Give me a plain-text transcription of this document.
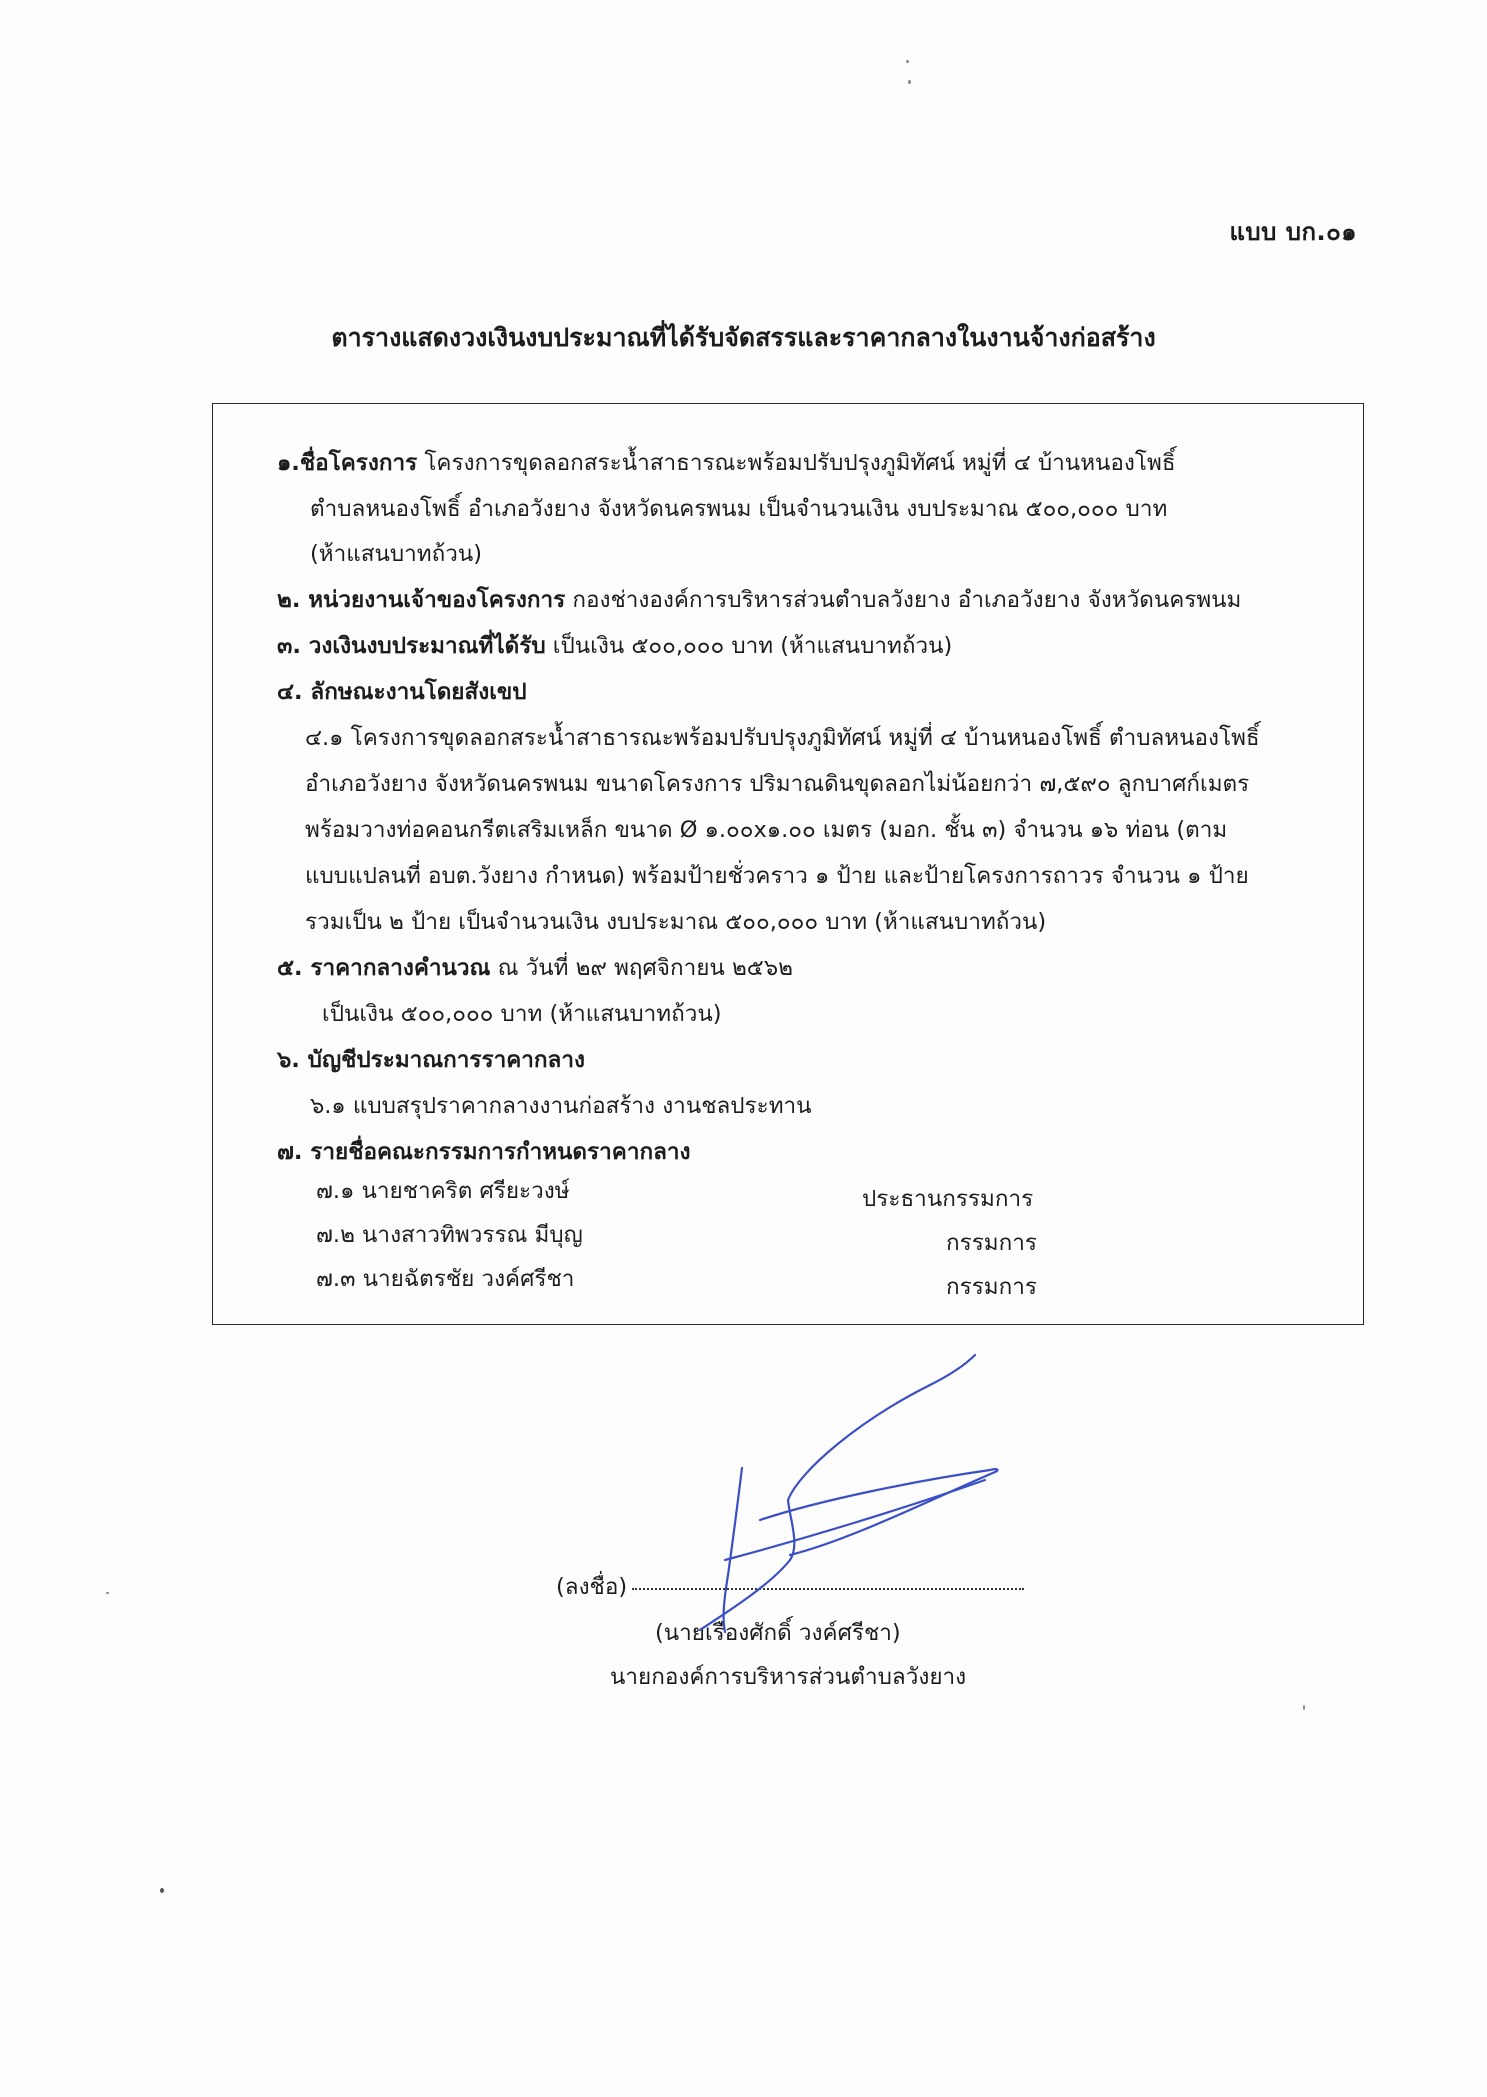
แบบ บก.๐๑
ตารางแสดงวงเงินงบประมาณที่ได้รับจัดสรรและราคากลางในงานจ้างก่อสร้าง
๑.ชื่อโครงการ โครงการขุดลอกสระน้ำสาธารณะพร้อมปรับปรุงภูมิทัศน์ หมู่ที่ ๔ บ้านหนองโพธิ์
ตำบลหนองโพธิ์ อำเภอวังยาง จังหวัดนครพนม เป็นจำนวนเงิน งบประมาณ ๕๐๐,๐๐๐ บาท
(ห้าแสนบาทถ้วน)
๒. หน่วยงานเจ้าของโครงการ กองช่างองค์การบริหารส่วนตำบลวังยาง อำเภอวังยาง จังหวัดนครพนม
๓. วงเงินงบประมาณที่ได้รับ เป็นเงิน ๕๐๐,๐๐๐ บาท (ห้าแสนบาทถ้วน)
๔. ลักษณะงานโดยสังเขป
๔.๑ โครงการขุดลอกสระน้ำสาธารณะพร้อมปรับปรุงภูมิทัศน์ หมู่ที่ ๔ บ้านหนองโพธิ์ ตำบลหนองโพธิ์
อำเภอวังยาง จังหวัดนครพนม ขนาดโครงการ ปริมาณดินขุดลอกไม่น้อยกว่า ๗,๕๙๐ ลูกบาศก์เมตร
พร้อมวางท่อคอนกรีตเสริมเหล็ก ขนาด Ø ๑.๐๐x๑.๐๐ เมตร (มอก. ชั้น ๓) จำนวน ๑๖ ท่อน (ตาม
แบบแปลนที่ อบต.วังยาง กำหนด) พร้อมป้ายชั่วคราว ๑ ป้าย และป้ายโครงการถาวร จำนวน ๑ ป้าย
รวมเป็น ๒ ป้าย เป็นจำนวนเงิน งบประมาณ ๕๐๐,๐๐๐ บาท (ห้าแสนบาทถ้วน)
๕. ราคากลางคำนวณ ณ วันที่ ๒๙ พฤศจิกายน ๒๕๖๒
เป็นเงิน ๕๐๐,๐๐๐ บาท (ห้าแสนบาทถ้วน)
๖. บัญชีประมาณการราคากลาง
๖.๑ แบบสรุปราคากลางงานก่อสร้าง งานชลประทาน
๗. รายชื่อคณะกรรมการกำหนดราคากลาง
๗.๑ นายชาคริต ศรียะวงษ์	ประธานกรรมการ
๗.๒ นางสาวทิพวรรณ มีบุญ	กรรมการ
๗.๓ นายฉัตรชัย วงค์ศรีชา	กรรมการ
(ลงชื่อ)
(นายเรืองศักดิ์ วงค์ศรีชา)
นายกองค์การบริหารส่วนตำบลวังยาง
